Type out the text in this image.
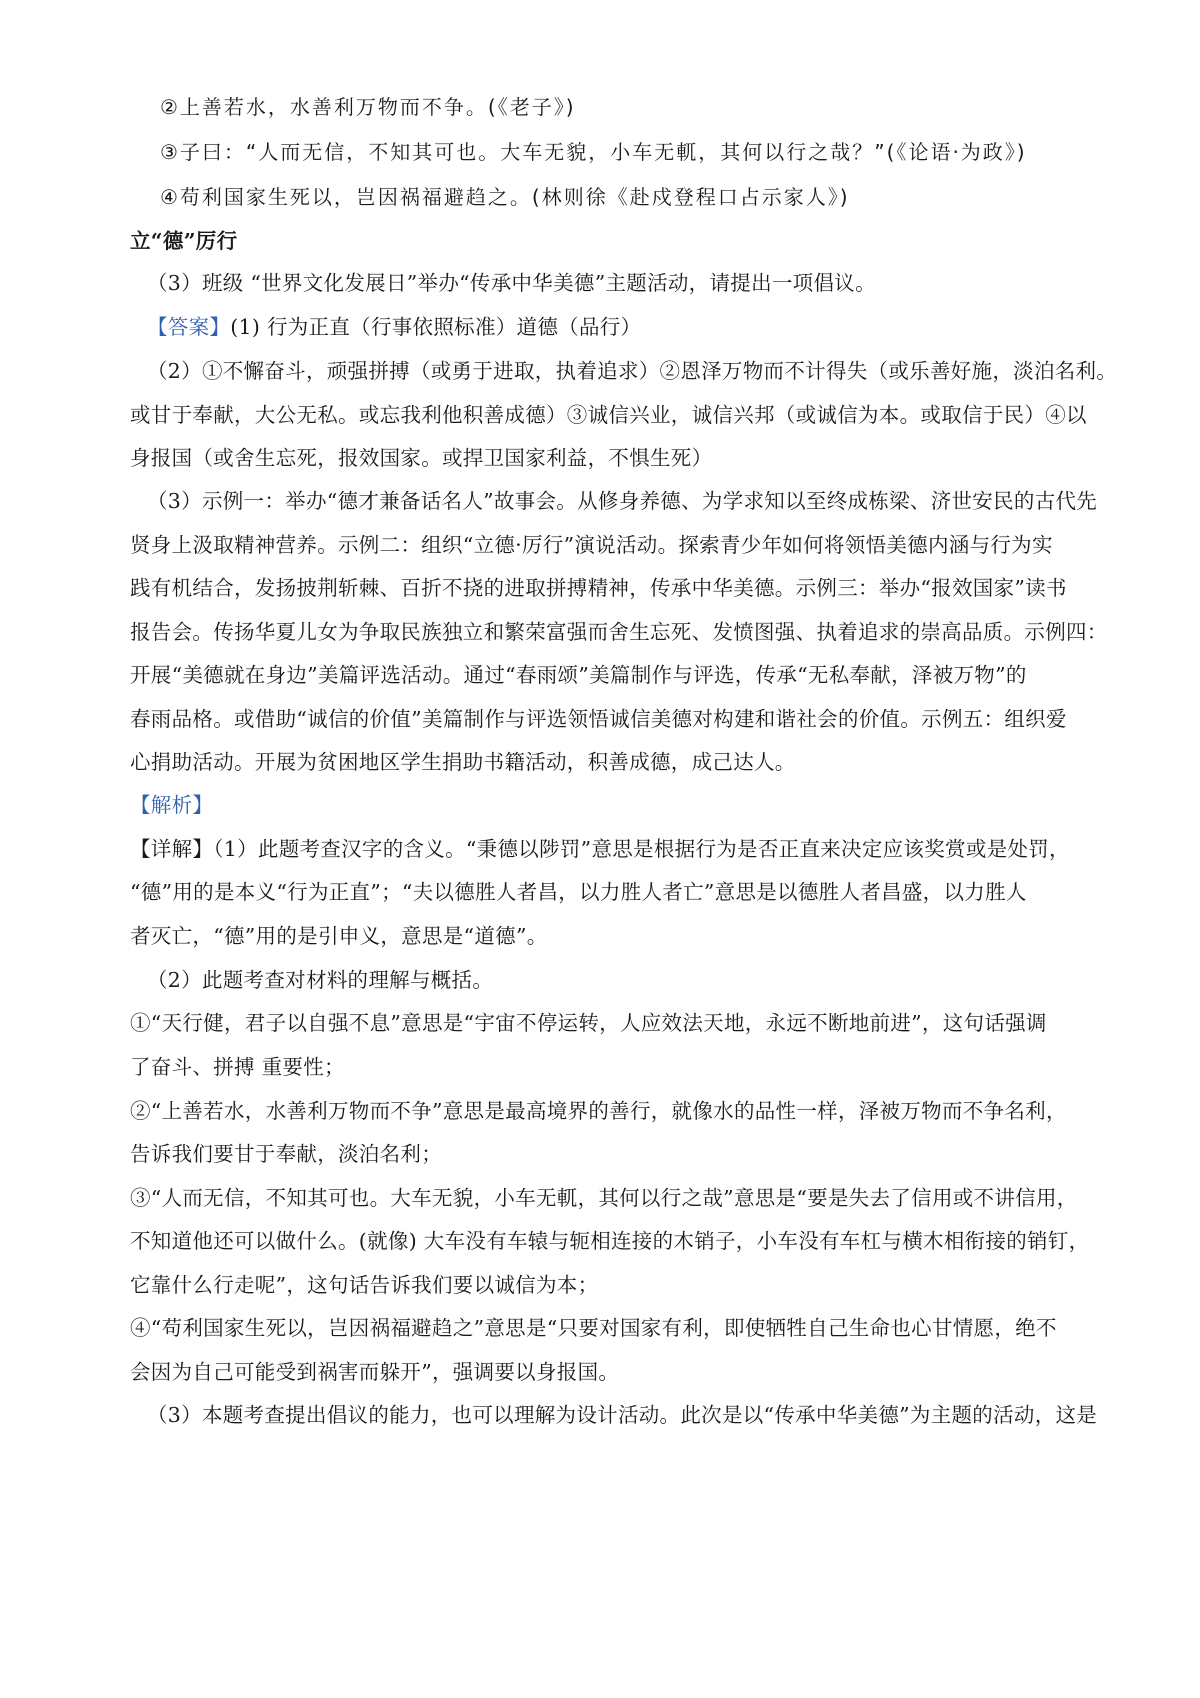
②上善若水，水善利万物而不争。(《老子》)
③子曰：“人而无信，不知其可也。大车无貌，小车无軏，其何以行之哉？”(《论语·为政》)
④苟利国家生死以，岂因祸福避趋之。(林则徐《赴戍登程口占示家人》)
立“德”厉行
（3）班级 “世界文化发展日”举办“传承中华美德”主题活动，请提出一项倡议。
【答案】(1) 行为正直（行事依照标准）道德（品行）
（2）①不懈奋斗，顽强拼搏（或勇于进取，执着追求）②恩泽万物而不计得失（或乐善好施，淡泊名利。
或甘于奉献，大公无私。或忘我利他积善成德）③诚信兴业，诚信兴邦（或诚信为本。或取信于民）④以
身报国（或舍生忘死，报效国家。或捍卫国家利益，不惧生死）
（3）示例一：举办“德才兼备话名人”故事会。从修身养德、为学求知以至终成栋梁、济世安民的古代先
贤身上汲取精神营养。示例二：组织“立德·厉行”演说活动。探索青少年如何将领悟美德内涵与行为实
践有机结合，发扬披荆斩棘、百折不挠的进取拼搏精神，传承中华美德。示例三：举办“报效国家”读书
报告会。传扬华夏儿女为争取民族独立和繁荣富强而舍生忘死、发愤图强、执着追求的崇高品质。示例四：
开展“美德就在身边”美篇评选活动。通过“春雨颂”美篇制作与评选，传承“无私奉献，泽被万物”的
春雨品格。或借助“诚信的价值”美篇制作与评选领悟诚信美德对构建和谐社会的价值。示例五：组织爱
心捐助活动。开展为贫困地区学生捐助书籍活动，积善成德，成己达人。
【解析】
【详解】（1）此题考查汉字的含义。“秉德以陟罚”意思是根据行为是否正直来决定应该奖赏或是处罚，
“德”用的是本义“行为正直”；“夫以德胜人者昌，以力胜人者亡”意思是以德胜人者昌盛，以力胜人
者灭亡，“德”用的是引申义，意思是“道德”。
（2）此题考查对材料的理解与概括。
①“天行健，君子以自强不息”意思是“宇宙不停运转，人应效法天地，永远不断地前进”，这句话强调
了奋斗、拼搏 重要性；
②“上善若水，水善利万物而不争”意思是最高境界的善行，就像水的品性一样，泽被万物而不争名利，
告诉我们要甘于奉献，淡泊名利；
③“人而无信，不知其可也。大车无貌，小车无軏，其何以行之哉”意思是“要是失去了信用或不讲信用，
不知道他还可以做什么。(就像) 大车没有车辕与轭相连接的木销子，小车没有车杠与横木相衔接的销钉，
它靠什么行走呢”，这句话告诉我们要以诚信为本；
④“苟利国家生死以，岂因祸福避趋之”意思是“只要对国家有利，即使牺牲自己生命也心甘情愿，绝不
会因为自己可能受到祸害而躲开”，强调要以身报国。
（3）本题考查提出倡议的能力，也可以理解为设计活动。此次是以“传承中华美德”为主题的活动，这是
